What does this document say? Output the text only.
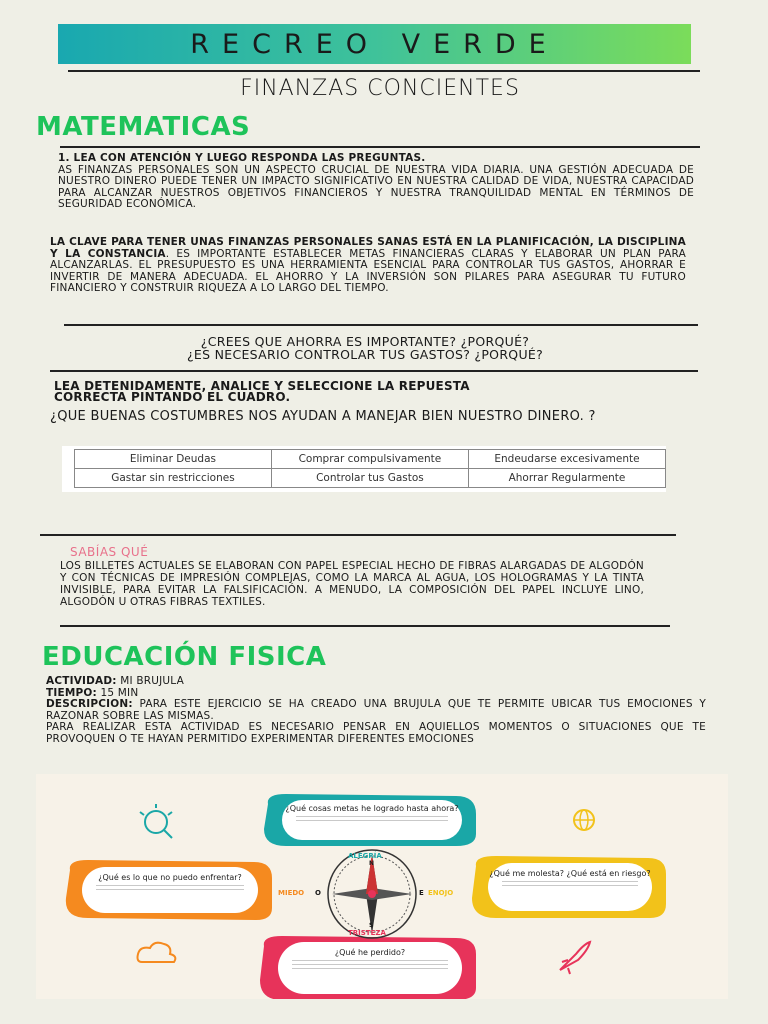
RECREO VERDE
FINANZAS CONCIENTES
MATEMATICAS
1. LEA CON ATENCIÓN Y LUEGO RESPONDA LAS PREGUNTAS.
AS FINANZAS PERSONALES SON UN ASPECTO CRUCIAL DE NUESTRA VIDA DIARIA. UNA GESTIÓN ADECUADA DE NUESTRO DINERO PUEDE TENER UN IMPACTO SIGNIFICATIVO EN NUESTRA CALIDAD DE VIDA, NUESTRA CAPACIDAD PARA ALCANZAR NUESTROS OBJETIVOS FINANCIEROS Y NUESTRA TRANQUILIDAD MENTAL EN TÉRMINOS DE SEGURIDAD ECONÓMICA.
LA CLAVE PARA TENER UNAS FINANZAS PERSONALES SANAS ESTÁ EN LA PLANIFICACIÓN, LA DISCIPLINA Y LA CONSTANCIA. ES IMPORTANTE ESTABLECER METAS FINANCIERAS CLARAS Y ELABORAR UN PLAN PARA ALCANZARLAS. EL PRESUPUESTO ES UNA HERRAMIENTA ESENCIAL PARA CONTROLAR TUS GASTOS, AHORRAR E INVERTIR DE MANERA ADECUADA. EL AHORRO Y LA INVERSIÓN SON PILARES PARA ASEGURAR TU FUTURO FINANCIERO Y CONSTRUIR RIQUEZA A LO LARGO DEL TIEMPO.
¿CREES QUE AHORRA ES IMPORTANTE? ¿PORQUÉ?
¿ES NECESARIO CONTROLAR TUS GASTOS? ¿PORQUÉ?
LEA DETENIDAMENTE, ANALICE Y SELECCIONE LA REPUESTA
CORRECTA PINTANDO EL CUADRO.
¿QUE BUENAS COSTUMBRES NOS AYUDAN A MANEJAR BIEN NUESTRO DINERO. ?
Eliminar Deudas	Comprar compulsivamente	Endeudarse excesivamente
Gastar sin restricciones	Controlar tus Gastos	Ahorrar Regularmente
SABÍAS QUÉ
LOS BILLETES ACTUALES SE ELABORAN CON PAPEL ESPECIAL HECHO DE FIBRAS ALARGADAS DE ALGODÓN Y CON TÉCNICAS DE IMPRESIÓN COMPLEJAS, COMO LA MARCA AL AGUA, LOS HOLOGRAMAS Y LA TINTA INVISIBLE, PARA EVITAR LA FALSIFICACIÓN. A MENUDO, LA COMPOSICIÓN DEL PAPEL INCLUYE LINO, ALGODÓN U OTRAS FIBRAS TEXTILES.
EDUCACIÓN FISICA
ACTIVIDAD: MI BRUJULA
TIEMPO: 15 MIN
DESCRIPCION: PARA ESTE EJERCICIO SE HA CREADO UNA BRUJULA QUE TE PERMITE UBICAR TUS EMOCIONES Y RAZONAR SOBRE LAS MISMAS.
PARA REALIZAR ESTA ACTIVIDAD ES NECESARIO PENSAR EN AQUIELLOS MOMENTOS O SITUACIONES QUE TE PROVOQUEN O TE HAYAN PERMITIDO EXPERIMENTAR DIFERENTES EMOCIONES
ALEGRÍA
N
S
TRISTEZA
MIEDO O	E ENOJO
¿Qué cosas metas he logrado hasta ahora?
¿Qué es lo que no puedo enfrentar?	¿Qué me molesta? ¿Qué está en riesgo?
¿Qué he perdido?
